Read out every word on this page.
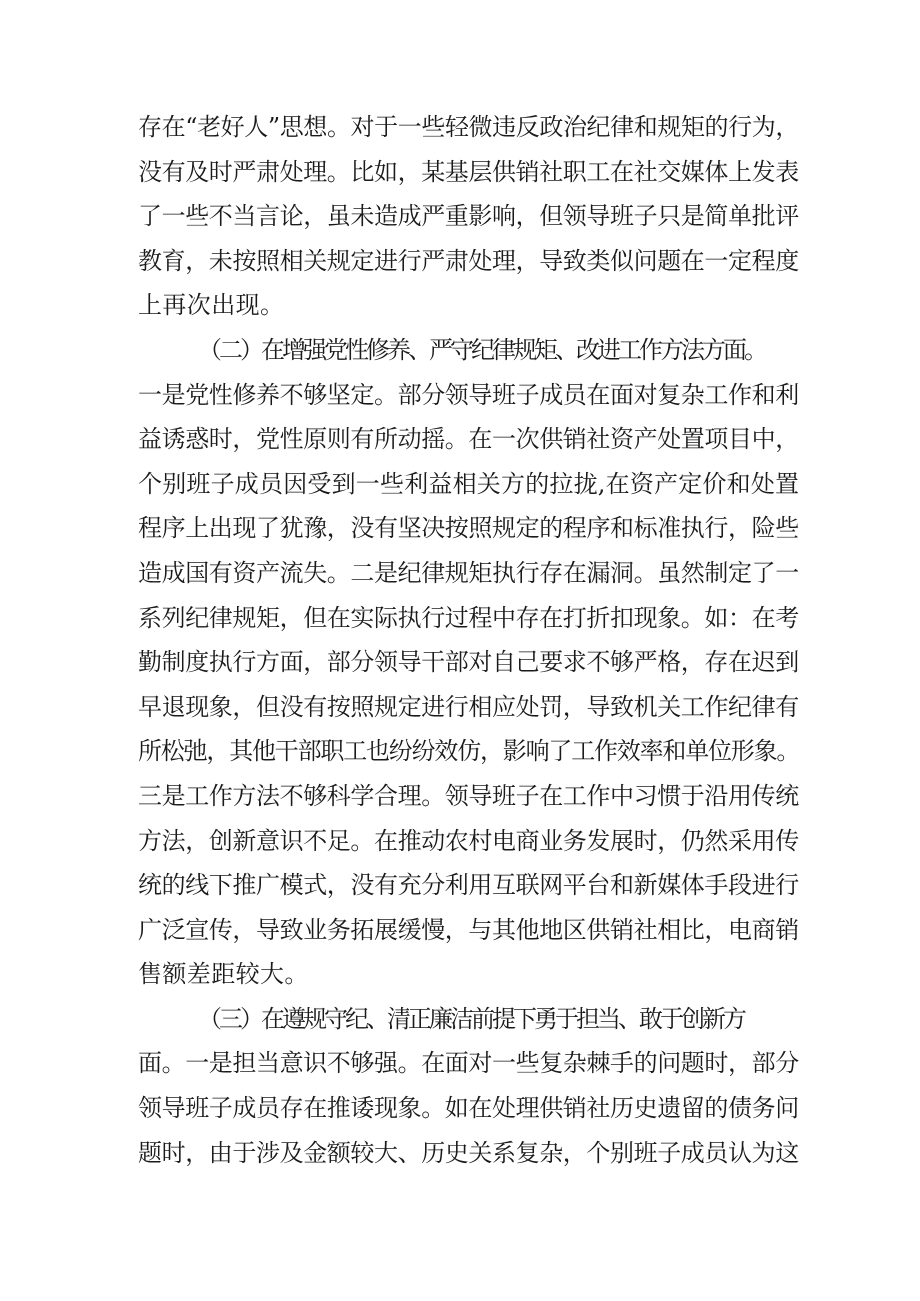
存在“老好人”思想。对于一些轻微违反政治纪律和规矩的行为，
没有及时严肃处理。比如，某基层供销社职工在社交媒体上发表
了一些不当言论，虽未造成严重影响，但领导班子只是简单批评
教育，未按照相关规定进行严肃处理，导致类似问题在一定程度
上再次出现。

（二）在增强党性修养、严守纪律规矩、改进工作方法方面。
一是党性修养不够坚定。部分领导班子成员在面对复杂工作和利
益诱惑时，党性原则有所动摇。在一次供销社资产处置项目中，
个别班子成员因受到一些利益相关方的拉拢,在资产定价和处置
程序上出现了犹豫，没有坚决按照规定的程序和标准执行，险些
造成国有资产流失。二是纪律规矩执行存在漏洞。虽然制定了一
系列纪律规矩，但在实际执行过程中存在打折扣现象。如：在考
勤制度执行方面，部分领导干部对自己要求不够严格，存在迟到
早退现象，但没有按照规定进行相应处罚，导致机关工作纪律有
所松弛，其他干部职工也纷纷效仿，影响了工作效率和单位形象。
三是工作方法不够科学合理。领导班子在工作中习惯于沿用传统
方法，创新意识不足。在推动农村电商业务发展时，仍然采用传
统的线下推广模式，没有充分利用互联网平台和新媒体手段进行
广泛宣传，导致业务拓展缓慢，与其他地区供销社相比，电商销
售额差距较大。

（三）在遵规守纪、清正廉洁前提下勇于担当、敢于创新方
面。一是担当意识不够强。在面对一些复杂棘手的问题时，部分
领导班子成员存在推诿现象。如在处理供销社历史遗留的债务问
题时，由于涉及金额较大、历史关系复杂，个别班子成员认为这
